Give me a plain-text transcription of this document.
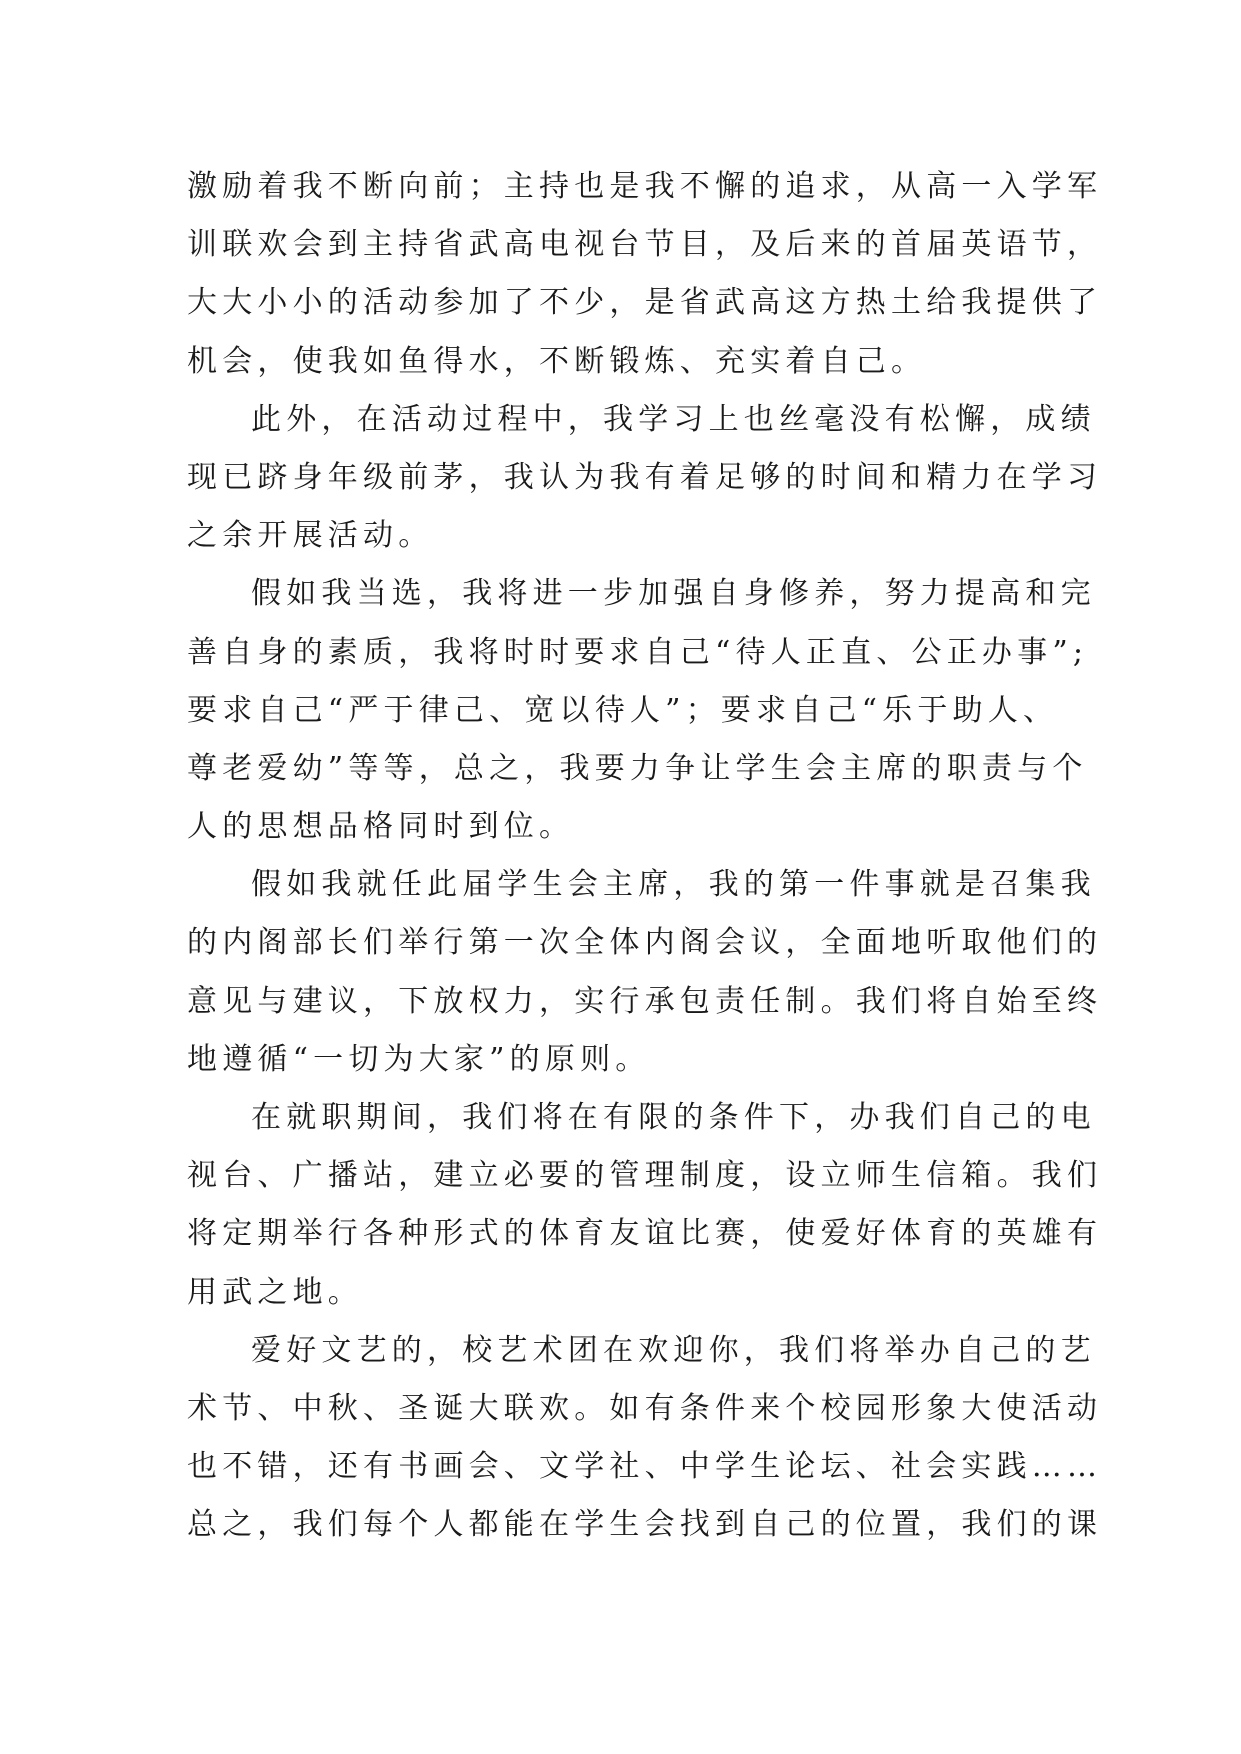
激励着我不断向前；主持也是我不懈的追求，从高一入学军
训联欢会到主持省武高电视台节目，及后来的首届英语节，
大大小小的活动参加了不少，是省武高这方热土给我提供了
机会，使我如鱼得水，不断锻炼、充实着自己。
此外，在活动过程中，我学习上也丝毫没有松懈，成绩
现已跻身年级前茅，我认为我有着足够的时间和精力在学习
之余开展活动。
假如我当选，我将进一步加强自身修养，努力提高和完
善自身的素质，我将时时要求自己“待人正直、公正办事”;
要求自己“严于律己、宽以待人”；要求自己“乐于助人、
尊老爱幼”等等，总之，我要力争让学生会主席的职责与个
人的思想品格同时到位。
假如我就任此届学生会主席，我的第一件事就是召集我
的内阁部长们举行第一次全体内阁会议，全面地听取他们的
意见与建议，下放权力，实行承包责任制。我们将自始至终
地遵循“一切为大家”的原则。
在就职期间，我们将在有限的条件下，办我们自己的电
视台、广播站，建立必要的管理制度，设立师生信箱。我们
将定期举行各种形式的体育友谊比赛，使爱好体育的英雄有
用武之地。
爱好文艺的，校艺术团在欢迎你，我们将举办自己的艺
术节、中秋、圣诞大联欢。如有条件来个校园形象大使活动
也不错，还有书画会、文学社、中学生论坛、社会实践……
总之，我们每个人都能在学生会找到自己的位置，我们的课
